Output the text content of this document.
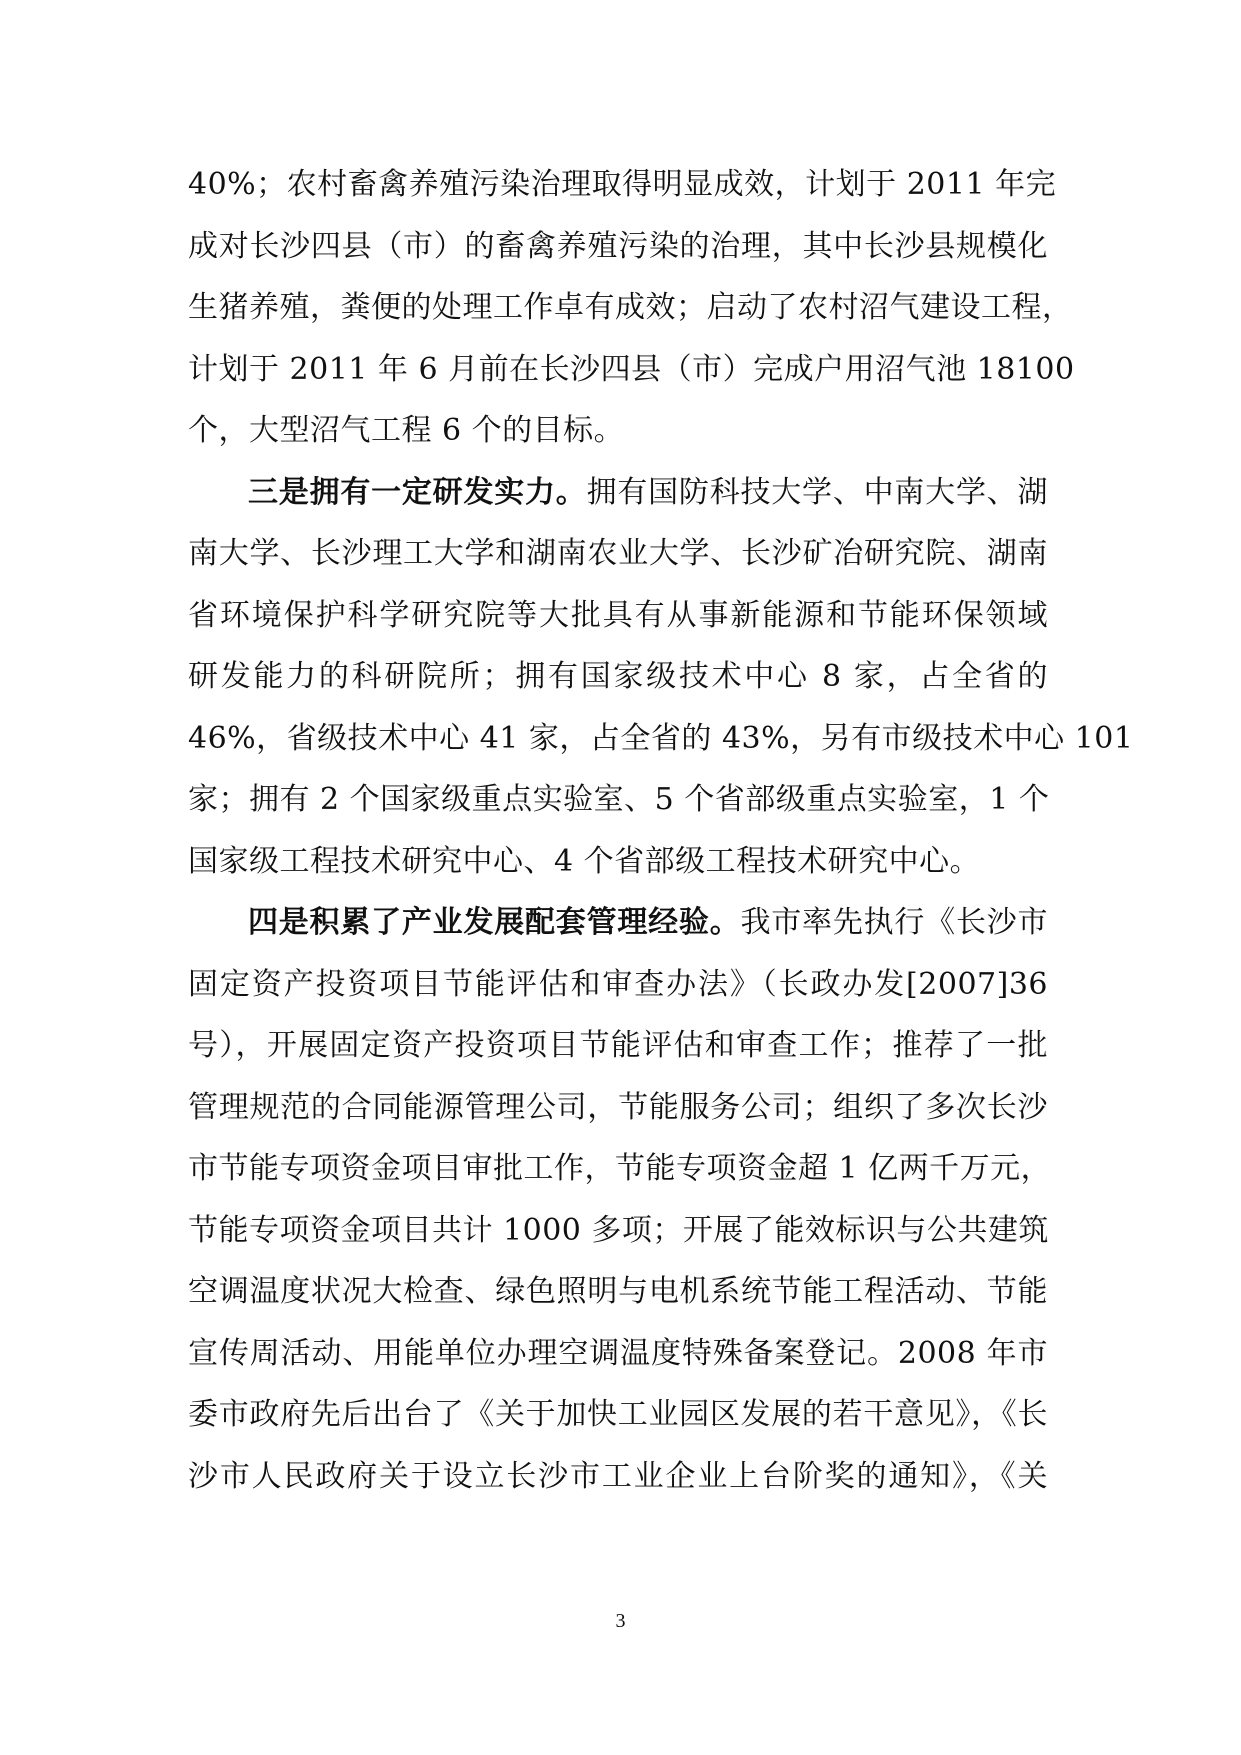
40%；农村畜禽养殖污染治理取得明显成效，计划于 2011 年完
成对长沙四县（市）的畜禽养殖污染的治理，其中长沙县规模化
生猪养殖，粪便的处理工作卓有成效；启动了农村沼气建设工程，
计划于 2011 年 6 月前在长沙四县（市）完成户用沼气池 18100
个，大型沼气工程 6 个的目标。
三是拥有一定研发实力。拥有国防科技大学、中南大学、湖
南大学、长沙理工大学和湖南农业大学、长沙矿冶研究院、湖南
省环境保护科学研究院等大批具有从事新能源和节能环保领域
研发能力的科研院所；拥有国家级技术中心 8 家，占全省的
46%，省级技术中心 41 家，占全省的 43%，另有市级技术中心 101
家；拥有 2 个国家级重点实验室、5 个省部级重点实验室，1 个
国家级工程技术研究中心、4 个省部级工程技术研究中心。
四是积累了产业发展配套管理经验。我市率先执行《长沙市
固定资产投资项目节能评估和审查办法》（长政办发[2007]36
号），开展固定资产投资项目节能评估和审查工作；推荐了一批
管理规范的合同能源管理公司，节能服务公司；组织了多次长沙
市节能专项资金项目审批工作，节能专项资金超 1 亿两千万元，
节能专项资金项目共计 1000 多项；开展了能效标识与公共建筑
空调温度状况大检查、绿色照明与电机系统节能工程活动、节能
宣传周活动、用能单位办理空调温度特殊备案登记。2008 年市
委市政府先后出台了《关于加快工业园区发展的若干意见》，《长
沙市人民政府关于设立长沙市工业企业上台阶奖的通知》，《关
3
